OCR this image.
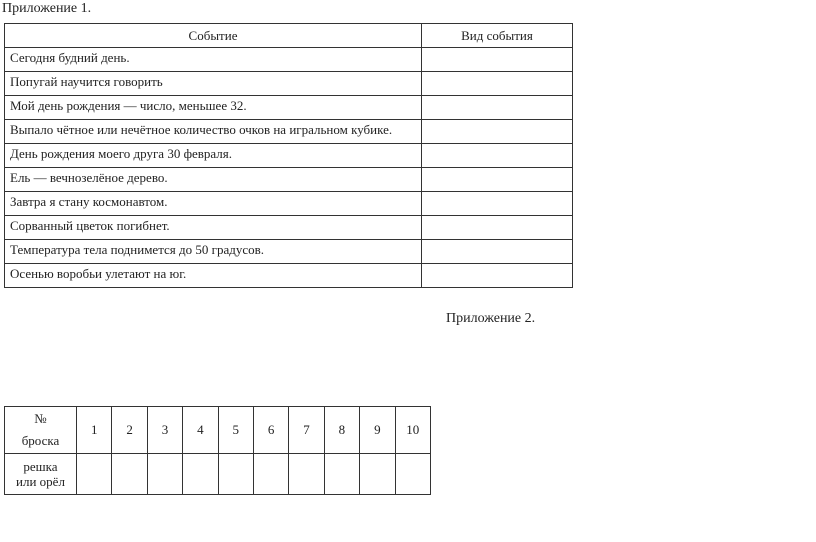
Приложение 1.
Событие	Вид события
Сегодня будний день.	
Попугай научится говорить	
Мой день рождения — число, меньшее 32.	
Выпало чётное или нечётное количество очков на игральном кубике.	
День рождения моего друга 30 февраля.	
Ель — вечнозелёное дерево.	
Завтра я стану космонавтом.	
Сорванный цветок погибнет.	
Температура тела поднимется до 50 градусов.	
Осенью воробьи улетают на юг.	
Приложение 2.
№
броска	1	2	3	4	5	6	7	8	9	10

решка
или орёл										
